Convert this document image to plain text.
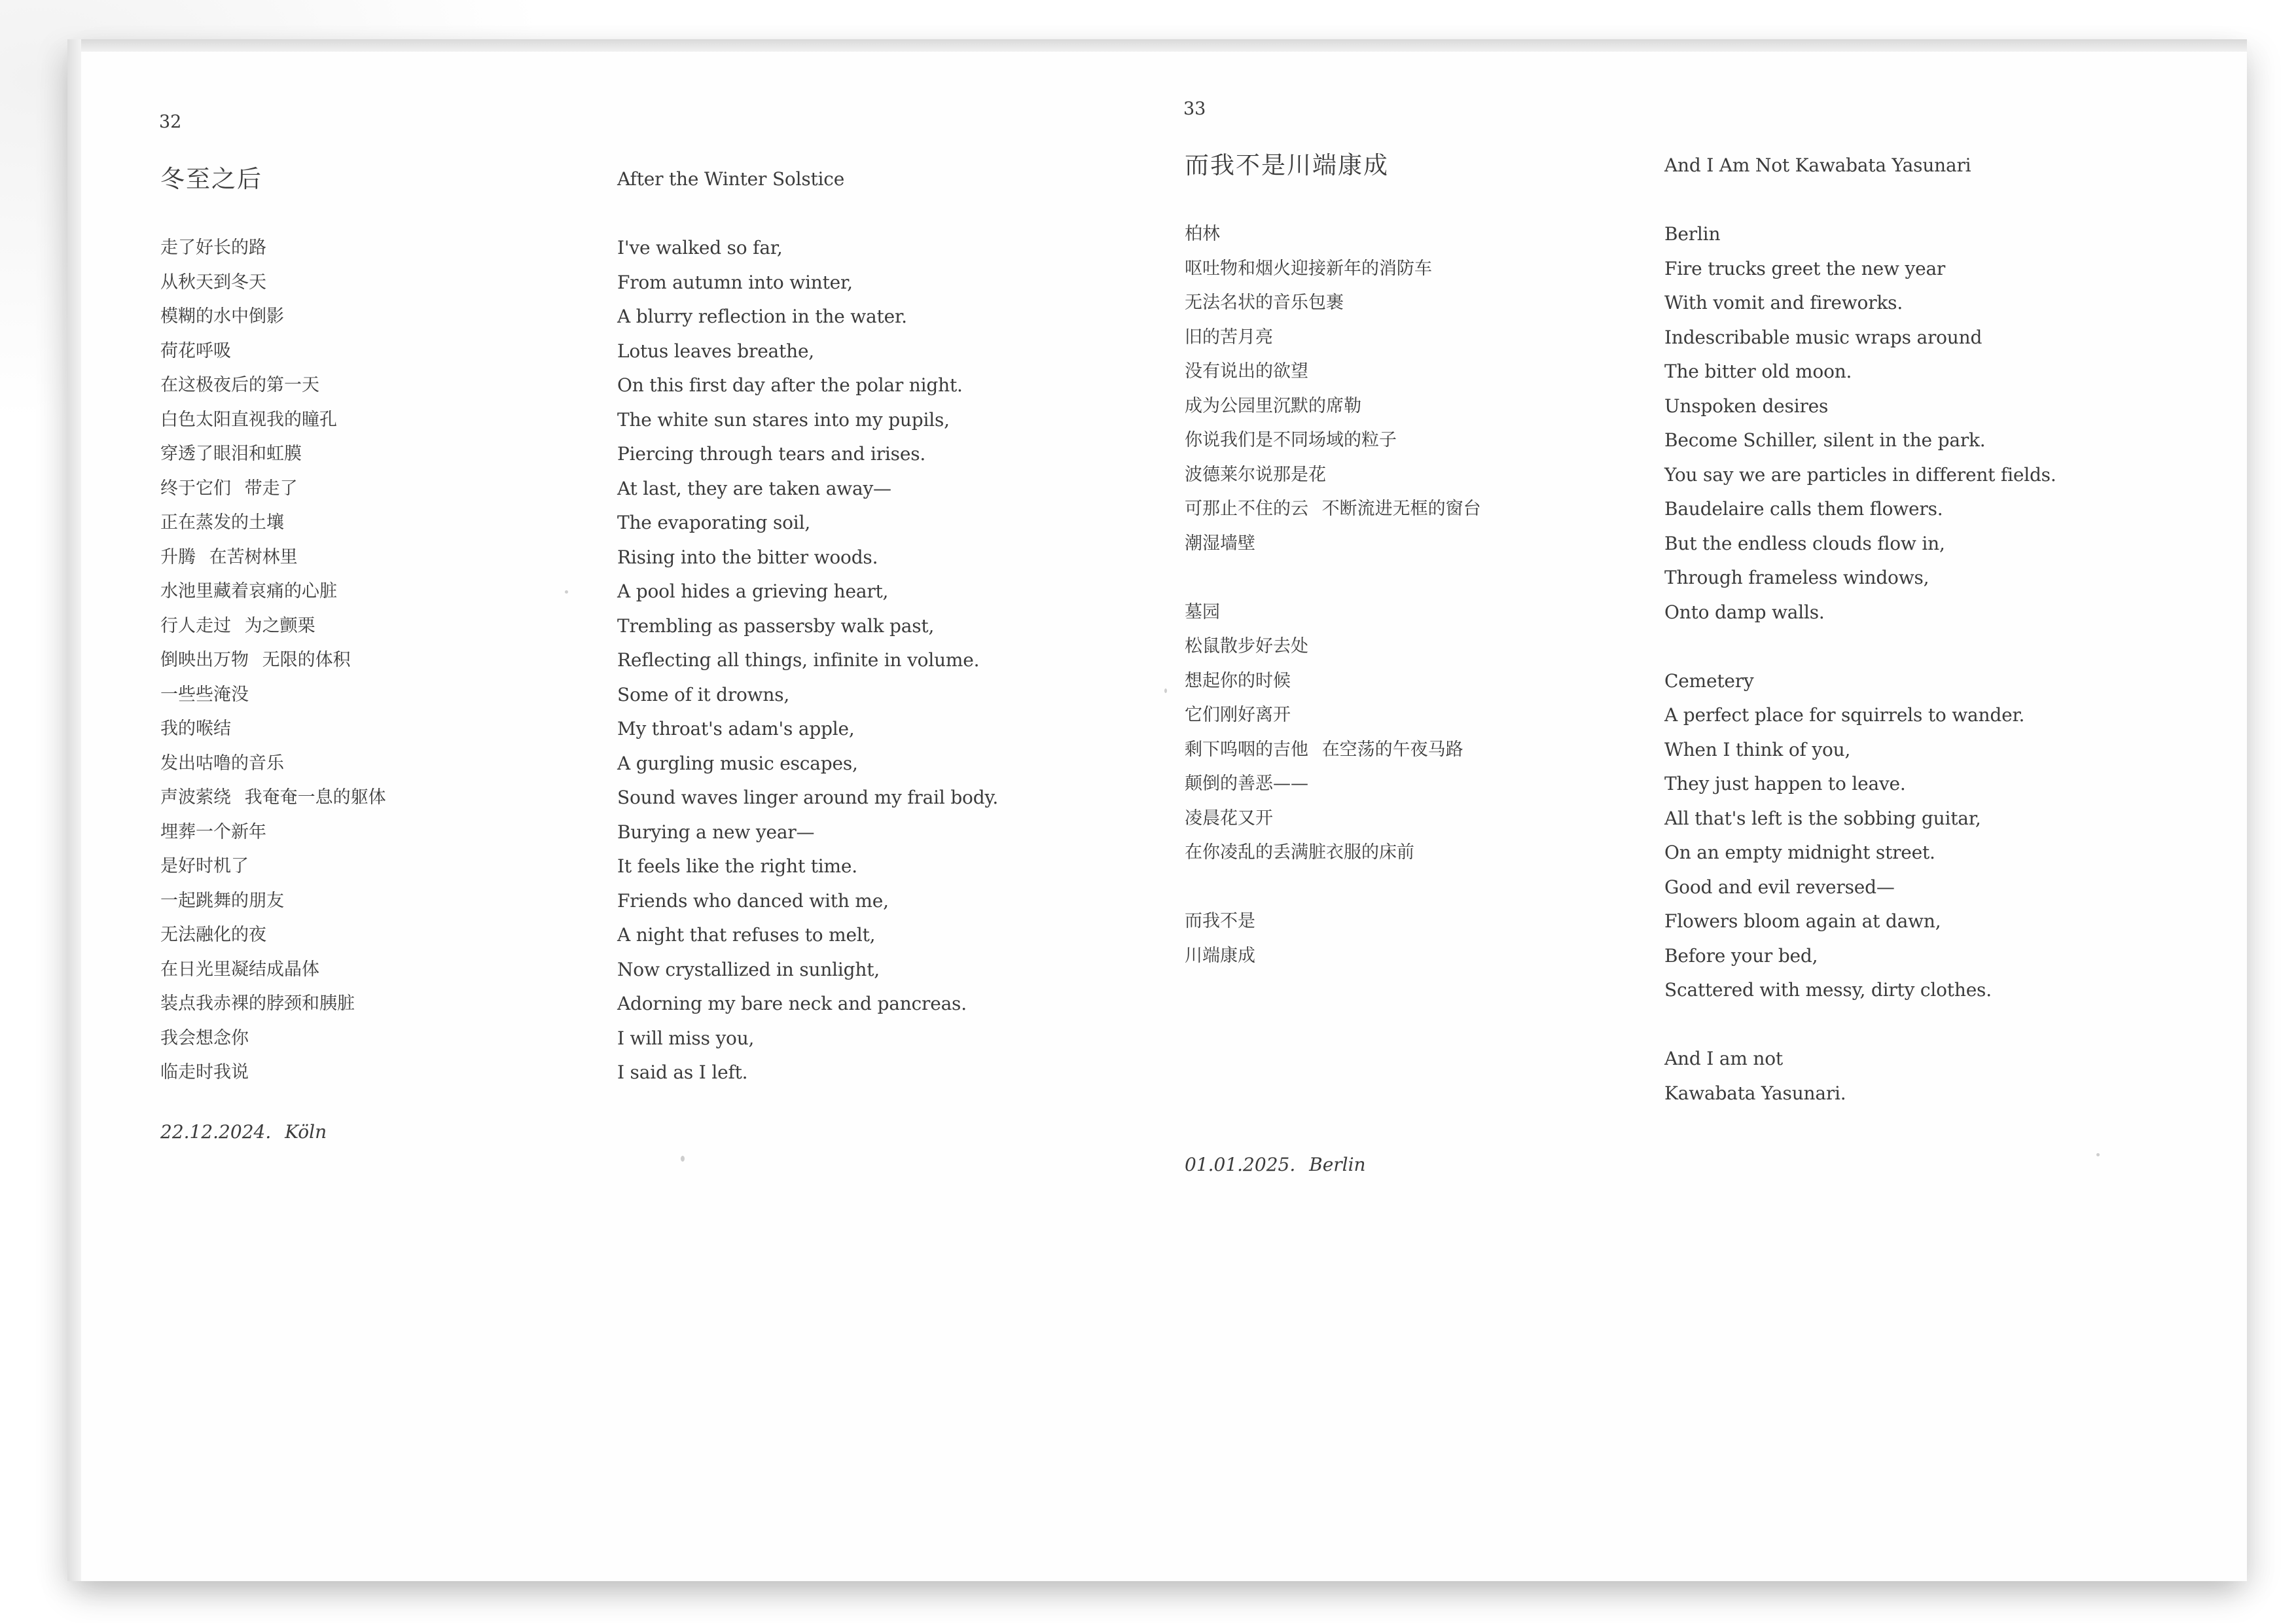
32
冬至之后
走了好长的路
从秋天到冬天
模糊的水中倒影
荷花呼吸
在这极夜后的第一天
白色太阳直视我的瞳孔
穿透了眼泪和虹膜
终于它们 带走了
正在蒸发的土壤
升腾 在苦树林里
水池里藏着哀痛的心脏
行人走过 为之颤栗
倒映出万物 无限的体积
一些些淹没
我的喉结
发出咕噜的音乐
声波萦绕 我奄奄一息的躯体
埋葬一个新年
是好时机了
一起跳舞的朋友
无法融化的夜
在日光里凝结成晶体
装点我赤裸的脖颈和胰脏
我会想念你
临走时我说
22.12.2024. Köln
After the Winter Solstice
I've walked so far,
From autumn into winter,
A blurry reflection in the water.
Lotus leaves breathe,
On this first day after the polar night.
The white sun stares into my pupils,
Piercing through tears and irises.
At last, they are taken away—
The evaporating soil,
Rising into the bitter woods.
A pool hides a grieving heart,
Trembling as passersby walk past,
Reflecting all things, infinite in volume.
Some of it drowns,
My throat's adam's apple,
A gurgling music escapes,
Sound waves linger around my frail body.
Burying a new year—
It feels like the right time.
Friends who danced with me,
A night that refuses to melt,
Now crystallized in sunlight,
Adorning my bare neck and pancreas.
I will miss you,
I said as I left.
33
而我不是川端康成
柏林
呕吐物和烟火迎接新年的消防车
无法名状的音乐包裹
旧的苦月亮
没有说出的欲望
成为公园里沉默的席勒
你说我们是不同场域的粒子
波德莱尔说那是花
可那止不住的云 不断流进无框的窗台
潮湿墙壁
墓园
松鼠散步好去处
想起你的时候
它们刚好离开
剩下呜咽的吉他 在空荡的午夜马路
颠倒的善恶——
凌晨花又开
在你凌乱的丢满脏衣服的床前
而我不是
川端康成
01.01.2025. Berlin
And I Am Not Kawabata Yasunari
Berlin
Fire trucks greet the new year
With vomit and fireworks.
Indescribable music wraps around
The bitter old moon.
Unspoken desires
Become Schiller, silent in the park.
You say we are particles in different fields.
Baudelaire calls them flowers.
But the endless clouds flow in,
Through frameless windows,
Onto damp walls.
Cemetery
A perfect place for squirrels to wander.
When I think of you,
They just happen to leave.
All that's left is the sobbing guitar,
On an empty midnight street.
Good and evil reversed—
Flowers bloom again at dawn,
Before your bed,
Scattered with messy, dirty clothes.
And I am not
Kawabata Yasunari.
